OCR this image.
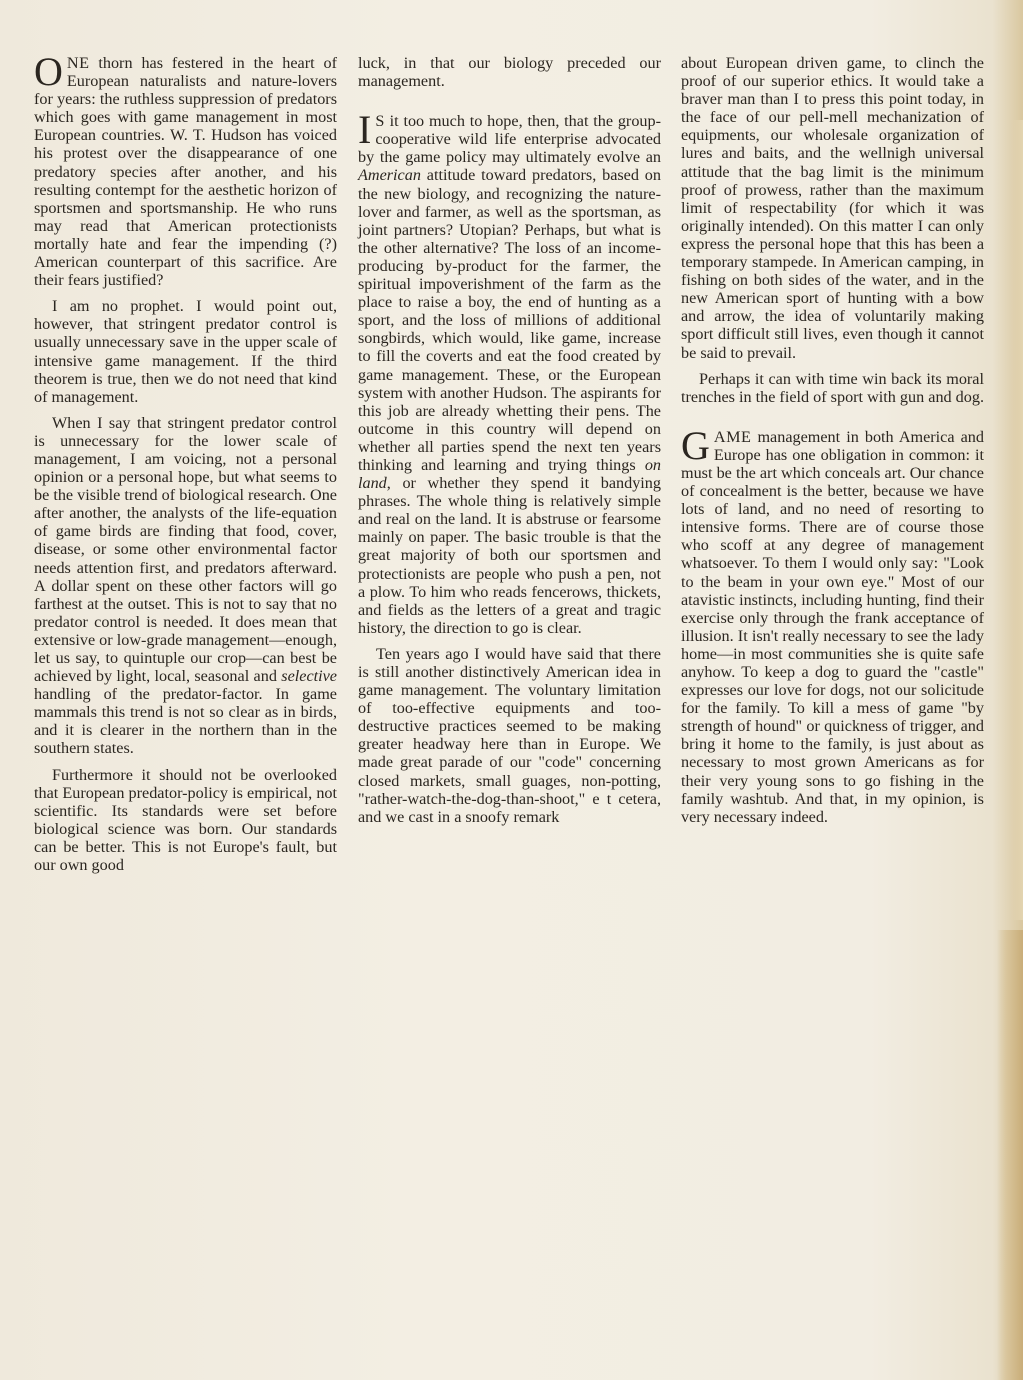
ONE thorn has festered in the heart of European naturalists and nature-lovers for years: the ruthless suppression of predators which goes with game management in most European countries. W. T. Hudson has voiced his protest over the disappearance of one predatory species after another, and his resulting contempt for the aesthetic horizon of sportsmen and sportsmanship. He who runs may read that American protectionists mortally hate and fear the impending (?) American counterpart of this sacrifice. Are their fears justified?

I am no prophet. I would point out, however, that stringent predator control is usually unnecessary save in the upper scale of intensive game management. If the third theorem is true, then we do not need that kind of management.

When I say that stringent predator control is unnecessary for the lower scale of management, I am voicing, not a personal opinion or a personal hope, but what seems to be the visible trend of biological research. One after another, the analysts of the life-equation of game birds are finding that food, cover, disease, or some other environmental factor needs attention first, and predators afterward. A dollar spent on these other factors will go farthest at the outset. This is not to say that no predator control is needed. It does mean that extensive or low-grade management—enough, let us say, to quintuple our crop—can best be achieved by light, local, seasonal and selective handling of the predator-factor. In game mammals this trend is not so clear as in birds, and it is clearer in the northern than in the southern states.

Furthermore it should not be overlooked that European predator-policy is empirical, not scientific. Its standards were set before biological science was born. Our standards can be better. This is not Europe's fault, but our own good

luck, in that our biology preceded our management.

I S it too much to hope, then, that the group-cooperative wild life enterprise advocated by the game policy may ultimately evolve an American attitude toward predators, based on the new biology, and recognizing the nature-lover and farmer, as well as the sportsman, as joint partners? Utopian? Perhaps, but what is the other alternative? The loss of an income-producing by-product for the farmer, the spiritual impoverishment of the farm as the place to raise a boy, the end of hunting as a sport, and the loss of millions of additional songbirds, which would, like game, increase to fill the coverts and eat the food created by game management. These, or the European system with another Hudson. The aspirants for this job are already whetting their pens. The outcome in this country will depend on whether all parties spend the next ten years thinking and learning and trying things on land, or whether they spend it bandying phrases. The whole thing is relatively simple and real on the land. It is abstruse or fearsome mainly on paper. The basic trouble is that the great majority of both our sportsmen and protectionists are people who push a pen, not a plow. To him who reads fencerows, thickets, and fields as the letters of a great and tragic history, the direction to go is clear.

Ten years ago I would have said that there is still another distinctively American idea in game management. The voluntary limitation of too-effective equipments and too-destructive practices seemed to be making greater headway here than in Europe. We made great parade of our "code" concerning closed markets, small guages, non-potting, "rather-watch-the-dog-than-shoot," e t cetera, and we cast in a snoofy remark

about European driven game, to clinch the proof of our superior ethics. It would take a braver man than I to press this point today, in the face of our pell-mell mechanization of equipments, our wholesale organization of lures and baits, and the wellnigh universal attitude that the bag limit is the minimum proof of prowess, rather than the maximum limit of respectability (for which it was originally intended). On this matter I can only express the personal hope that this has been a temporary stampede. In American camping, in fishing on both sides of the water, and in the new American sport of hunting with a bow and arrow, the idea of voluntarily making sport difficult still lives, even though it cannot be said to prevail.

Perhaps it can with time win back its moral trenches in the field of sport with gun and dog.

GAME management in both America and Europe has one obligation in common: it must be the art which conceals art. Our chance of concealment is the better, because we have lots of land, and no need of resorting to intensive forms. There are of course those who scoff at any degree of management whatsoever. To them I would only say: "Look to the beam in your own eye." Most of our atavistic instincts, including hunting, find their exercise only through the frank acceptance of illusion. It isn't really necessary to see the lady home—in most communities she is quite safe anyhow. To keep a dog to guard the "castle" expresses our love for dogs, not our solicitude for the family. To kill a mess of game "by strength of hound" or quickness of trigger, and bring it home to the family, is just about as necessary to most grown Americans as for their very young sons to go fishing in the family washtub. And that, in my opinion, is very necessary indeed.
